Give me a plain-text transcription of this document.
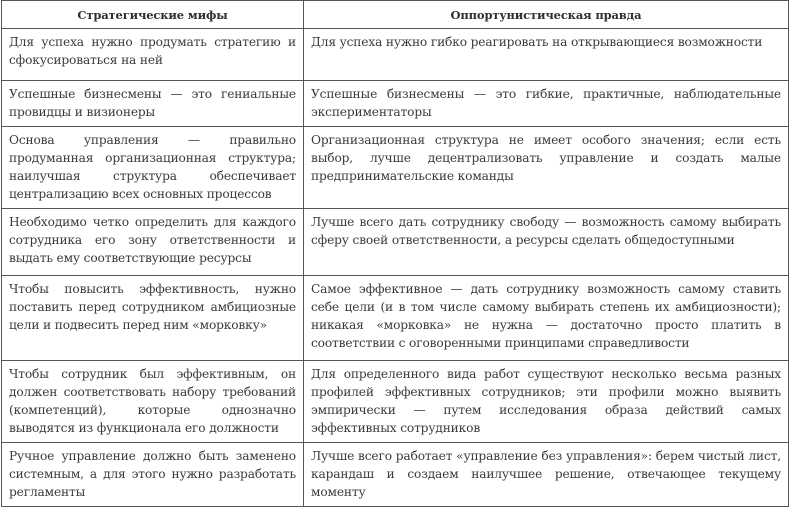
Стратегические мифы	Оппортунистическая правда
Для успеха нужно продумать стратегию и сфокусироваться на ней	Для успеха нужно гибко реагировать на открывающиеся возможности
Успешные бизнесмены — это гениальные провидцы и визионеры	Успешные бизнесмены — это гибкие, практичные, наблюдательные экспериментаторы
Основа управления — правильно продуманная организационная структура; наилучшая структура обеспечивает централизацию всех основных процессов	Организационная структура не имеет особого значения; если есть выбор, лучше децентрализовать управление и создать малые предпринимательские команды
Необходимо четко определить для каждого сотрудника его зону ответственности и выдать ему соответствующие ресурсы	Лучше всего дать сотруднику свободу — возможность самому выбирать сферу своей ответственности, а ресурсы сделать общедоступными
Чтобы повысить эффективность, нужно поставить перед сотрудником амбициозные цели и подвесить перед ним «морковку»	Самое эффективное — дать сотруднику возможность самому ставить себе цели (и в том числе самому выбирать степень их амбициозности); никакая «морковка» не нужна — достаточно просто платить в соответствии с оговоренными принципами справедливости
Чтобы сотрудник был эффективным, он должен соответствовать набору требований (компетенций), которые однозначно выводятся из функционала его должности	Для определенного вида работ существуют несколько весьма разных профилей эффективных сотрудников; эти профили можно выявить эмпирически — путем исследования образа действий самых эффективных сотрудников
Ручное управление должно быть заменено системным, а для этого нужно разработать регламенты	Лучше всего работает «управление без управления»: берем чистый лист, карандаш и создаем наилучшее решение, отвечающее текущему моменту
